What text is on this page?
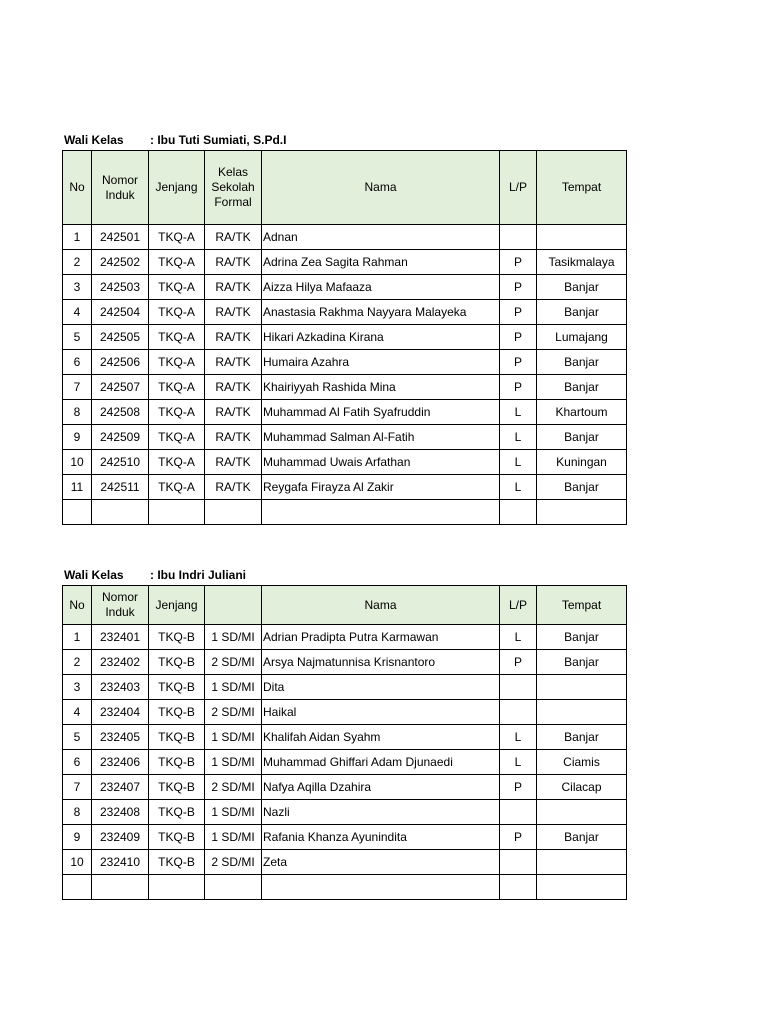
Wali Kelas : Ibu Tuti Sumiati, S.Pd.I
No	Nomor Induk	Jenjang	Kelas Sekolah Formal	Nama	L/P	Tempat
1	242501	TKQ-A	RA/TK	Adnan		
2	242502	TKQ-A	RA/TK	Adrina Zea Sagita Rahman	P	Tasikmalaya
3	242503	TKQ-A	RA/TK	Aizza Hilya Mafaaza	P	Banjar
4	242504	TKQ-A	RA/TK	Anastasia Rakhma Nayyara Malayeka	P	Banjar
5	242505	TKQ-A	RA/TK	Hikari Azkadina Kirana	P	Lumajang
6	242506	TKQ-A	RA/TK	Humaira Azahra	P	Banjar
7	242507	TKQ-A	RA/TK	Khairiyyah Rashida Mina	P	Banjar
8	242508	TKQ-A	RA/TK	Muhammad Al Fatih Syafruddin	L	Khartoum
9	242509	TKQ-A	RA/TK	Muhammad Salman Al-Fatih	L	Banjar
10	242510	TKQ-A	RA/TK	Muhammad Uwais Arfathan	L	Kuningan
11	242511	TKQ-A	RA/TK	Reygafa Firayza Al Zakir	L	Banjar

Wali Kelas : Ibu Indri Juliani
No	Nomor Induk	Jenjang		Nama	L/P	Tempat
1	232401	TKQ-B	1 SD/MI	Adrian Pradipta Putra Karmawan	L	Banjar
2	232402	TKQ-B	2 SD/MI	Arsya Najmatunnisa Krisnantoro	P	Banjar
3	232403	TKQ-B	1 SD/MI	Dita		
4	232404	TKQ-B	2 SD/MI	Haikal		
5	232405	TKQ-B	1 SD/MI	Khalifah Aidan Syahm	L	Banjar
6	232406	TKQ-B	1 SD/MI	Muhammad Ghiffari Adam Djunaedi	L	Ciamis
7	232407	TKQ-B	2 SD/MI	Nafya Aqilla Dzahira	P	Cilacap
8	232408	TKQ-B	1 SD/MI	Nazli		
9	232409	TKQ-B	1 SD/MI	Rafania Khanza Ayunindita	P	Banjar
10	232410	TKQ-B	2 SD/MI	Zeta		
